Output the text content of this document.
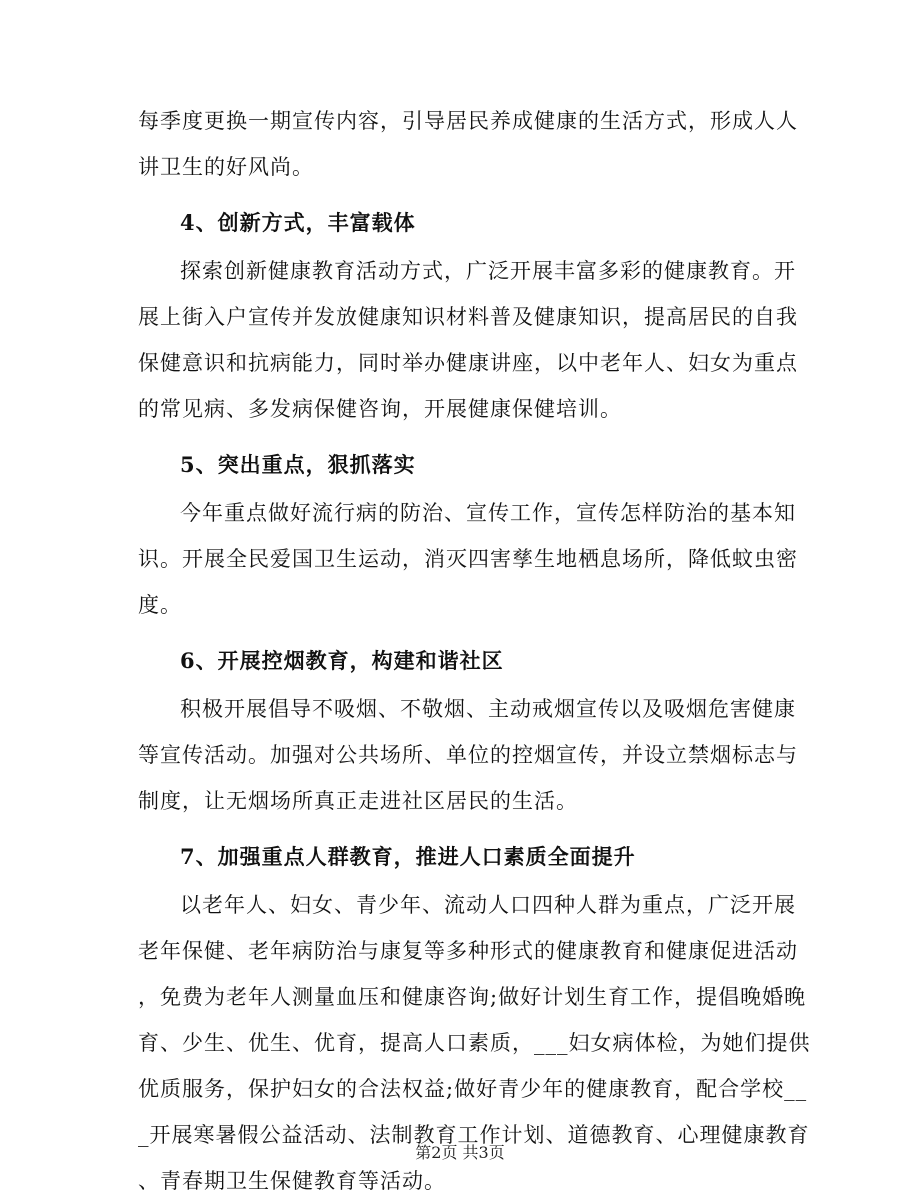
每季度更换一期宣传内容，引导居民养成健康的生活方式，形成人人
讲卫生的好风尚。
4、创新方式，丰富载体
探索创新健康教育活动方式，广泛开展丰富多彩的健康教育。开
展上街入户宣传并发放健康知识材料普及健康知识，提高居民的自我
保健意识和抗病能力，同时举办健康讲座，以中老年人、妇女为重点
的常见病、多发病保健咨询，开展健康保健培训。
5、突出重点，狠抓落实
今年重点做好流行病的防治、宣传工作，宣传怎样防治的基本知
识。开展全民爱国卫生运动，消灭四害孳生地栖息场所，降低蚊虫密
度。
6、开展控烟教育，构建和谐社区
积极开展倡导不吸烟、不敬烟、主动戒烟宣传以及吸烟危害健康
等宣传活动。加强对公共场所、单位的控烟宣传，并设立禁烟标志与
制度，让无烟场所真正走进社区居民的生活。
7、加强重点人群教育，推进人口素质全面提升
以老年人、妇女、青少年、流动人口四种人群为重点，广泛开展
老年保健、老年病防治与康复等多种形式的健康教育和健康促进活动
，免费为老年人测量血压和健康咨询;做好计划生育工作，提倡晚婚晚
育、少生、优生、优育，提高人口素质，___妇女病体检，为她们提供
优质服务，保护妇女的合法权益;做好青少年的健康教育，配合学校__
_开展寒暑假公益活动、法制教育工作计划、道德教育、心理健康教育
、青春期卫生保健教育等活动。
第2页 共3页
